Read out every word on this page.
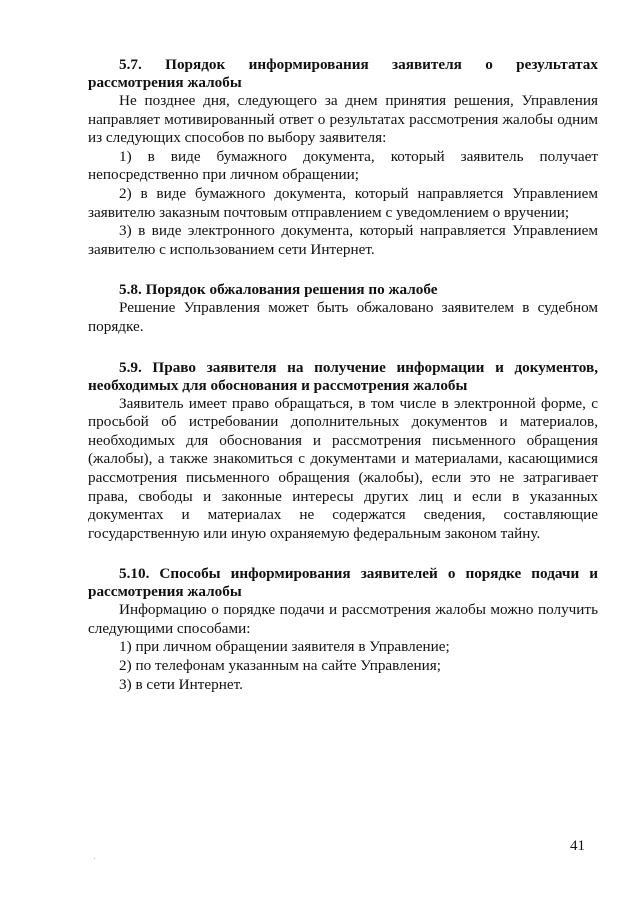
5.7. Порядок информирования заявителя о результатах

рассмотрения жалобы

Не позднее дня, следующего за днем принятия решения, Управления направляет мотивированный ответ о результатах рассмотрения жалобы одним из следующих способов по выбору заявителя:

1) в виде бумажного документа, который заявитель получает непосредственно при личном обращении;

2) в виде бумажного документа, который направляется Управлением заявителю заказным почтовым отправлением с уведомлением о вручении;

3) в виде электронного документа, который направляется Управлением заявителю с использованием сети Интернет.

5.8. Порядок обжалования решения по жалобе

Решение Управления может быть обжаловано заявителем в судебном порядке.

5.9. Право заявителя на получение информации и документов,

необходимых для обоснования и рассмотрения жалобы

Заявитель имеет право обращаться, в том числе в электронной форме, с просьбой об истребовании дополнительных документов и материалов, необходимых для обоснования и рассмотрения письменного обращения (жалобы), а также знакомиться с документами и материалами, касающимися рассмотрения письменного обращения (жалобы), если это не затрагивает права, свободы и законные интересы других лиц и если в указанных документах и материалах не содержатся сведения, составляющие государственную или иную охраняемую федеральным законом тайну.

5.10. Способы информирования заявителей о порядке подачи и

рассмотрения жалобы

Информацию о порядке подачи и рассмотрения жалобы можно получить следующими способами:

1) при личном обращении заявителя в Управление;

2) по телефонам указанным на сайте Управления;

3) в сети Интернет.

41
